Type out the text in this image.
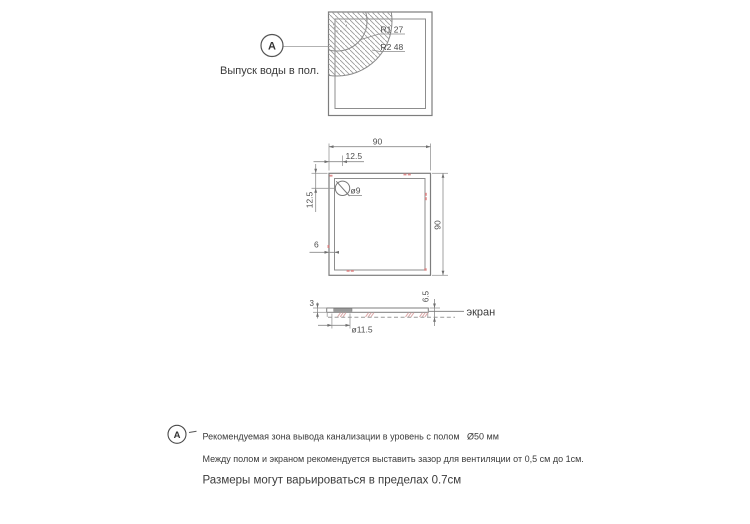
R1 27
R2 48
A
Выпуск воды в пол.
ø9
90
12.5
12.5
6
90
3
6.5
ø11.5
экран
A Рекомендуемая зона вывода канализации в уровень с полом   Ø50 мм
Между полом и экраном рекомендуется выставить зазор для вентиляции от 0,5 см до 1см.
Размеры могут варьироваться в пределах 0.7см
